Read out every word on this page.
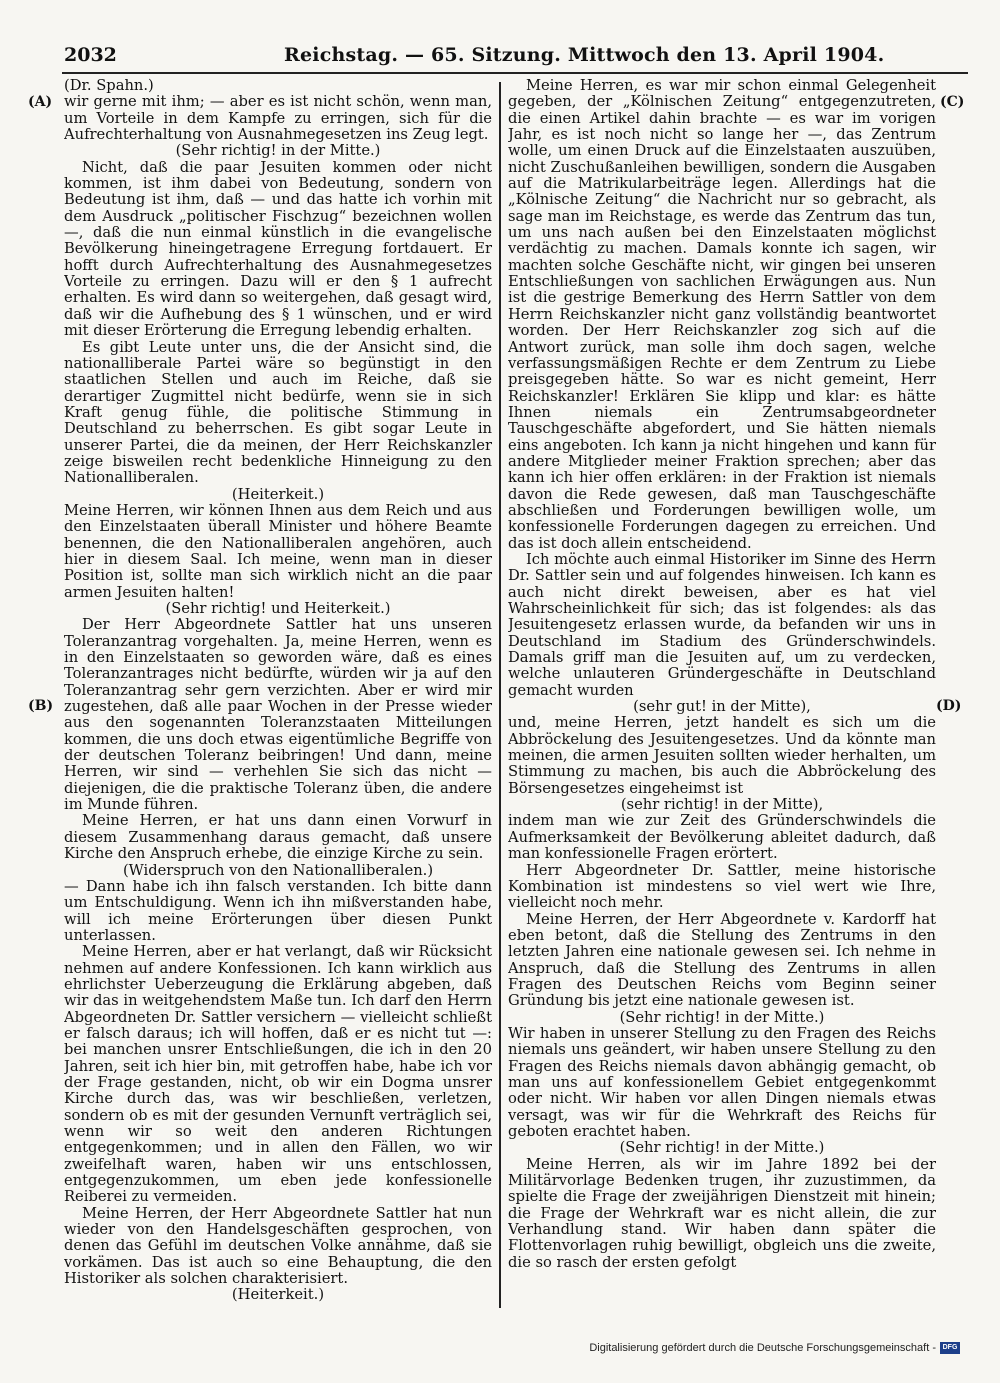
2032	Reichstag. — 65. Sitzung. Mittwoch den 13. April 1904.
(A)
(B)
(C)
(D)

(Dr. Spahn.)

wir gerne mit ihm; — aber es ist nicht schön, wenn man, um Vorteile in dem Kampfe zu erringen, sich für die Aufrechterhaltung von Ausnahmegesetzen ins Zeug legt.

(Sehr richtig! in der Mitte.)

Nicht, daß die paar Jesuiten kommen oder nicht kommen, ist ihm dabei von Bedeutung, sondern von Bedeutung ist ihm, daß — und das hatte ich vorhin mit dem Ausdruck „politischer Fischzug“ bezeichnen wollen —, daß die nun einmal künstlich in die evangelische Bevölkerung hineingetragene Erregung fortdauert. Er hofft durch Aufrechterhaltung des Ausnahmegesetzes Vorteile zu erringen. Dazu will er den § 1 aufrecht erhalten. Es wird dann so weitergehen, daß gesagt wird, daß wir die Aufhebung des § 1 wünschen, und er wird mit dieser Erörterung die Erregung lebendig erhalten.

Es gibt Leute unter uns, die der Ansicht sind, die nationalliberale Partei wäre so begünstigt in den staatlichen Stellen und auch im Reiche, daß sie derartiger Zugmittel nicht bedürfe, wenn sie in sich Kraft genug fühle, die politische Stimmung in Deutschland zu beherrschen. Es gibt sogar Leute in unserer Partei, die da meinen, der Herr Reichskanzler zeige bisweilen recht bedenkliche Hinneigung zu den Nationalliberalen.

(Heiterkeit.)

Meine Herren, wir können Ihnen aus dem Reich und aus den Einzelstaaten überall Minister und höhere Beamte benennen, die den Nationalliberalen angehören, auch hier in diesem Saal. Ich meine, wenn man in dieser Position ist, sollte man sich wirklich nicht an die paar armen Jesuiten halten!

(Sehr richtig! und Heiterkeit.)

Der Herr Abgeordnete Sattler hat uns unseren Toleranzantrag vorgehalten. Ja, meine Herren, wenn es in den Einzelstaaten so geworden wäre, daß es eines Toleranzantrages nicht bedürfte, würden wir ja auf den Toleranzantrag sehr gern verzichten. Aber er wird mir zugestehen, daß alle paar Wochen in der Presse wieder aus den sogenannten Toleranzstaaten Mitteilungen kommen, die uns doch etwas eigentümliche Begriffe von der deutschen Toleranz beibringen! Und dann, meine Herren, wir sind — verhehlen Sie sich das nicht — diejenigen, die die praktische Toleranz üben, die andere im Munde führen.

Meine Herren, er hat uns dann einen Vorwurf in diesem Zusammenhang daraus gemacht, daß unsere Kirche den Anspruch erhebe, die einzige Kirche zu sein.

(Widerspruch von den Nationalliberalen.)

— Dann habe ich ihn falsch verstanden. Ich bitte dann um Entschuldigung. Wenn ich ihn mißverstanden habe, will ich meine Erörterungen über diesen Punkt unterlassen.

Meine Herren, aber er hat verlangt, daß wir Rücksicht nehmen auf andere Konfessionen. Ich kann wirklich aus ehrlichster Ueberzeugung die Erklärung abgeben, daß wir das in weitgehendstem Maße tun. Ich darf den Herrn Abgeordneten Dr. Sattler versichern — vielleicht schließt er falsch daraus; ich will hoffen, daß er es nicht tut —: bei manchen unsrer Entschließungen, die ich in den 20 Jahren, seit ich hier bin, mit getroffen habe, habe ich vor der Frage gestanden, nicht, ob wir ein Dogma unsrer Kirche durch das, was wir beschließen, verletzen, sondern ob es mit der gesunden Vernunft verträglich sei, wenn wir so weit den anderen Richtungen entgegenkommen; und in allen den Fällen, wo wir zweifelhaft waren, haben wir uns entschlossen, entgegenzukommen, um eben jede konfessionelle Reiberei zu vermeiden.

Meine Herren, der Herr Abgeordnete Sattler hat nun wieder von den Handelsgeschäften gesprochen, von denen das Gefühl im deutschen Volke annähme, daß sie vorkämen. Das ist auch so eine Behauptung, die den Historiker als solchen charakterisiert.

(Heiterkeit.)

Meine Herren, es war mir schon einmal Gelegenheit gegeben, der „Kölnischen Zeitung“ entgegenzutreten, die einen Artikel dahin brachte — es war im vorigen Jahr, es ist noch nicht so lange her —, das Zentrum wolle, um einen Druck auf die Einzelstaaten auszuüben, nicht Zuschußanleihen bewilligen, sondern die Ausgaben auf die Matrikularbeiträge legen. Allerdings hat die „Kölnische Zeitung“ die Nachricht nur so gebracht, als sage man im Reichstage, es werde das Zentrum das tun, um uns nach außen bei den Einzelstaaten möglichst verdächtig zu machen. Damals konnte ich sagen, wir machten solche Geschäfte nicht, wir gingen bei unseren Entschließungen von sachlichen Erwägungen aus. Nun ist die gestrige Bemerkung des Herrn Sattler von dem Herrn Reichskanzler nicht ganz vollständig beantwortet worden. Der Herr Reichskanzler zog sich auf die Antwort zurück, man solle ihm doch sagen, welche verfassungsmäßigen Rechte er dem Zentrum zu Liebe preisgegeben hätte. So war es nicht gemeint, Herr Reichskanzler! Erklären Sie klipp und klar: es hätte Ihnen niemals ein Zentrumsabgeordneter Tauschgeschäfte abgefordert, und Sie hätten niemals eins angeboten. Ich kann ja nicht hingehen und kann für andere Mitglieder meiner Fraktion sprechen; aber das kann ich hier offen erklären: in der Fraktion ist niemals davon die Rede gewesen, daß man Tauschgeschäfte abschließen und Forderungen bewilligen wolle, um konfessionelle Forderungen dagegen zu erreichen. Und das ist doch allein entscheidend.

Ich möchte auch einmal Historiker im Sinne des Herrn Dr. Sattler sein und auf folgendes hinweisen. Ich kann es auch nicht direkt beweisen, aber es hat viel Wahrscheinlichkeit für sich; das ist folgendes: als das Jesuitengesetz erlassen wurde, da befanden wir uns in Deutschland im Stadium des Gründerschwindels. Damals griff man die Jesuiten auf, um zu verdecken, welche unlauteren Gründergeschäfte in Deutschland gemacht wurden

(sehr gut! in der Mitte),

und, meine Herren, jetzt handelt es sich um die Abbröckelung des Jesuitengesetzes. Und da könnte man meinen, die armen Jesuiten sollten wieder herhalten, um Stimmung zu machen, bis auch die Abbröckelung des Börsengesetzes eingeheimst ist

(sehr richtig! in der Mitte),

indem man wie zur Zeit des Gründerschwindels die Aufmerksamkeit der Bevölkerung ableitet dadurch, daß man konfessionelle Fragen erörtert.

Herr Abgeordneter Dr. Sattler, meine historische Kombination ist mindestens so viel wert wie Ihre, vielleicht noch mehr.

Meine Herren, der Herr Abgeordnete v. Kardorff hat eben betont, daß die Stellung des Zentrums in den letzten Jahren eine nationale gewesen sei. Ich nehme in Anspruch, daß die Stellung des Zentrums in allen Fragen des Deutschen Reichs vom Beginn seiner Gründung bis jetzt eine nationale gewesen ist.

(Sehr richtig! in der Mitte.)

Wir haben in unserer Stellung zu den Fragen des Reichs niemals uns geändert, wir haben unsere Stellung zu den Fragen des Reichs niemals davon abhängig gemacht, ob man uns auf konfessionellem Gebiet entgegenkommt oder nicht. Wir haben vor allen Dingen niemals etwas versagt, was wir für die Wehrkraft des Reichs für geboten erachtet haben.

(Sehr richtig! in der Mitte.)

Meine Herren, als wir im Jahre 1892 bei der Militärvorlage Bedenken trugen, ihr zuzustimmen, da spielte die Frage der zweijährigen Dienstzeit mit hinein; die Frage der Wehrkraft war es nicht allein, die zur Verhandlung stand. Wir haben dann später die Flottenvorlagen ruhig bewilligt, obgleich uns die zweite, die so rasch der ersten gefolgt

Digitalisierung gefördert durch die Deutsche Forschungsgemeinschaft - DFG
